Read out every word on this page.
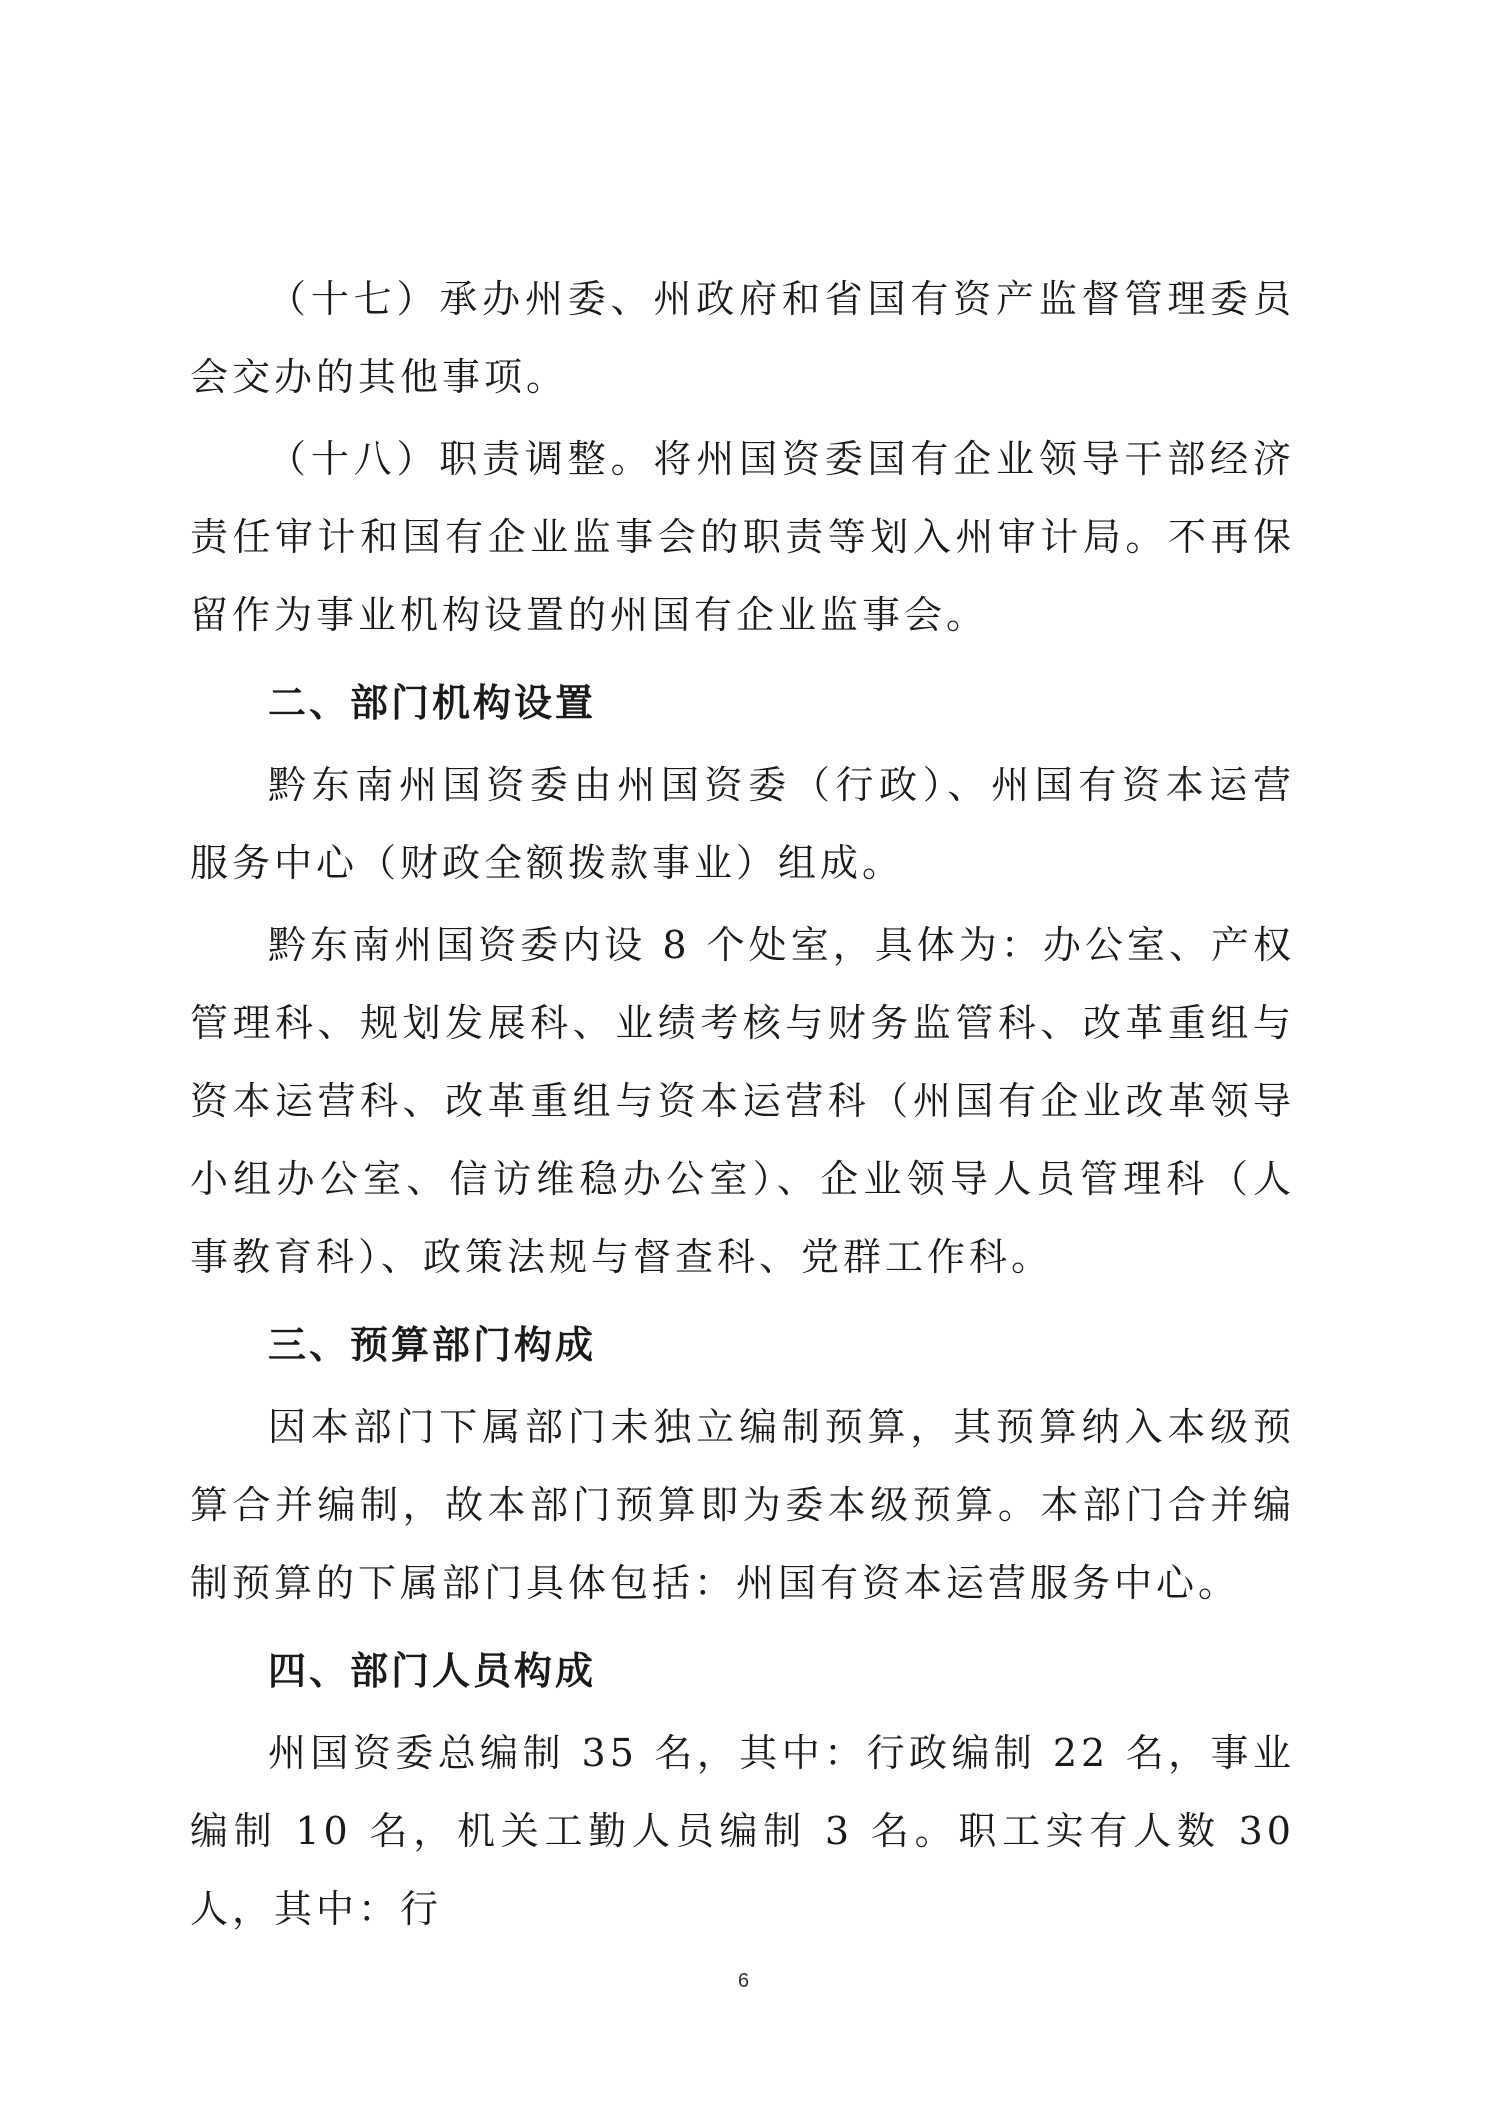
（十七）承办州委、州政府和省国有资产监督管理委员会交办的其他事项。

（十八）职责调整。将州国资委国有企业领导干部经济责任审计和国有企业监事会的职责等划入州审计局。不再保留作为事业机构设置的州国有企业监事会。

二、部门机构设置

黔东南州国资委由州国资委（行政）、州国有资本运营服务中心（财政全额拨款事业）组成。

黔东南州国资委内设 8 个处室，具体为：办公室、产权管理科、规划发展科、业绩考核与财务监管科、改革重组与资本运营科、改革重组与资本运营科（州国有企业改革领导小组办公室、信访维稳办公室）、企业领导人员管理科（人事教育科）、政策法规与督查科、党群工作科。

三、预算部门构成

因本部门下属部门未独立编制预算，其预算纳入本级预算合并编制，故本部门预算即为委本级预算。本部门合并编制预算的下属部门具体包括：州国有资本运营服务中心。

四、部门人员构成

州国资委总编制 35 名，其中：行政编制 22 名，事业编制 10 名，机关工勤人员编制 3 名。职工实有人数 30 人，其中：行

6
